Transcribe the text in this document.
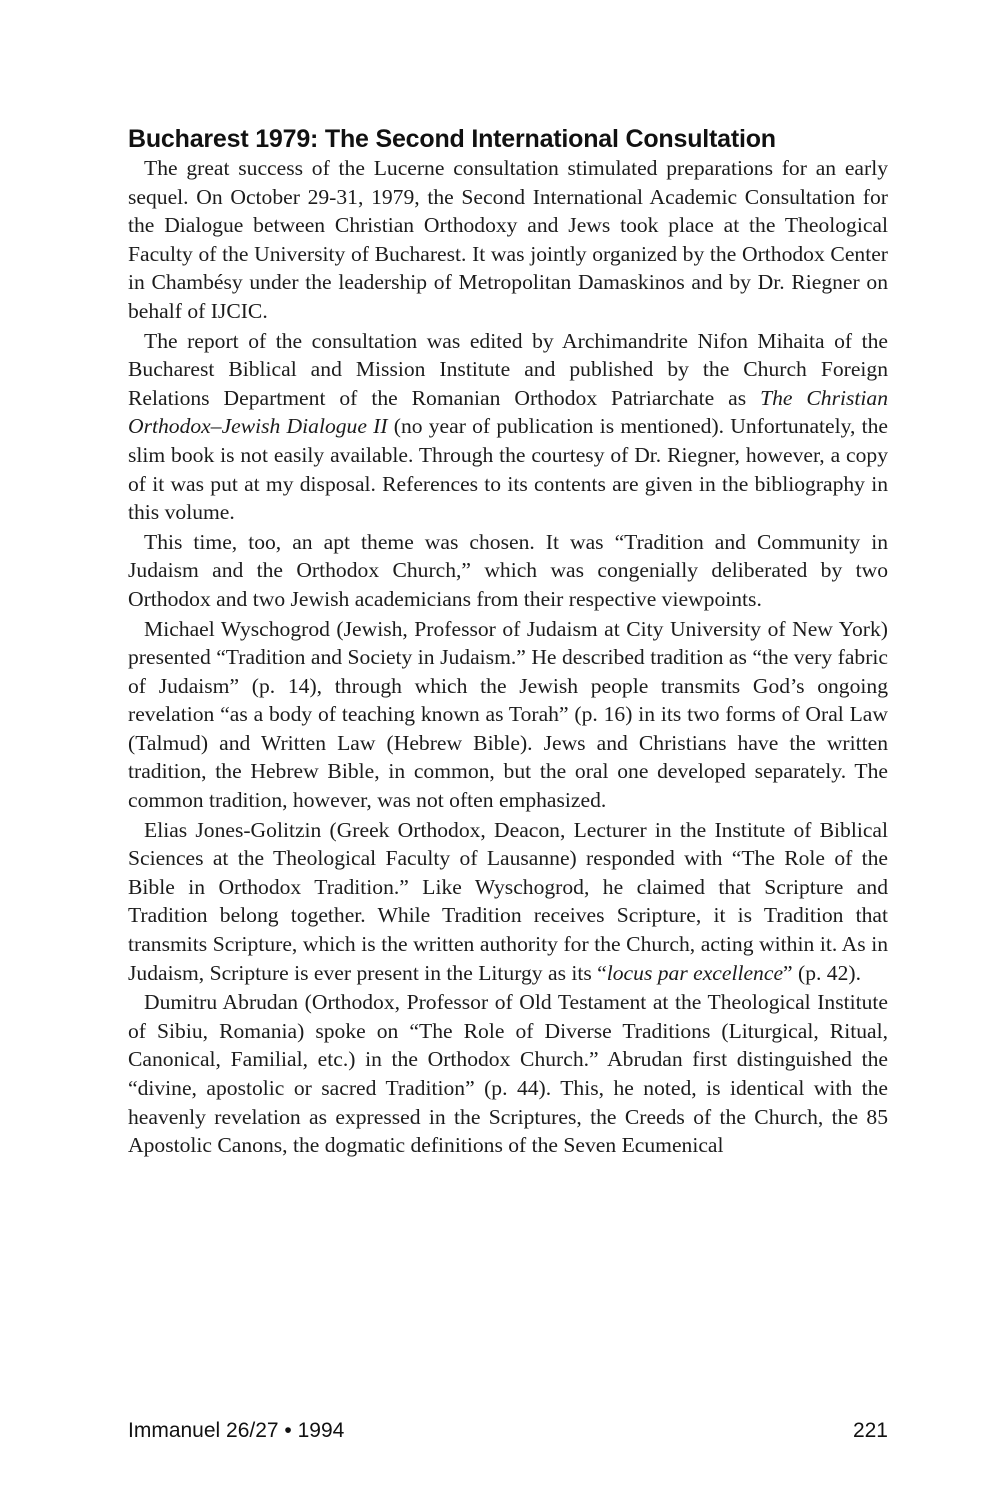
Bucharest 1979: The Second International Consultation

The great success of the Lucerne consultation stimulated preparations for an early sequel. On October 29-31, 1979, the Second International Academic Consultation for the Dialogue between Christian Orthodoxy and Jews took place at the Theological Faculty of the University of Bucharest. It was jointly organized by the Orthodox Center in Chambésy under the leadership of Metropolitan Damaskinos and by Dr. Riegner on behalf of IJCIC.

The report of the consultation was edited by Archimandrite Nifon Mihaita of the Bucharest Biblical and Mission Institute and published by the Church Foreign Relations Department of the Romanian Orthodox Patriarchate as The Christian Orthodox–Jewish Dialogue II (no year of publication is mentioned). Unfortunately, the slim book is not easily available. Through the courtesy of Dr. Riegner, however, a copy of it was put at my disposal. References to its contents are given in the bibliography in this volume.

This time, too, an apt theme was chosen. It was “Tradition and Community in Judaism and the Orthodox Church,” which was congenially deliberated by two Orthodox and two Jewish academicians from their respective viewpoints.

Michael Wyschogrod (Jewish, Professor of Judaism at City University of New York) presented “Tradition and Society in Judaism.” He described tradition as “the very fabric of Judaism” (p. 14), through which the Jewish people transmits God’s ongoing revelation “as a body of teaching known as Torah” (p. 16) in its two forms of Oral Law (Talmud) and Written Law (Hebrew Bible). Jews and Christians have the written tradition, the Hebrew Bible, in common, but the oral one developed separately. The common tradition, however, was not often emphasized.

Elias Jones-Golitzin (Greek Orthodox, Deacon, Lecturer in the Institute of Biblical Sciences at the Theological Faculty of Lausanne) responded with “The Role of the Bible in Orthodox Tradition.” Like Wyschogrod, he claimed that Scripture and Tradition belong together. While Tradition receives Scripture, it is Tradition that transmits Scripture, which is the written authority for the Church, acting within it. As in Judaism, Scripture is ever present in the Liturgy as its “locus par excellence” (p. 42).

Dumitru Abrudan (Orthodox, Professor of Old Testament at the Theological Institute of Sibiu, Romania) spoke on “The Role of Diverse Traditions (Liturgical, Ritual, Canonical, Familial, etc.) in the Orthodox Church.” Abrudan first distinguished the “divine, apostolic or sacred Tradition” (p. 44). This, he noted, is identical with the heavenly revelation as expressed in the Scriptures, the Creeds of the Church, the 85 Apostolic Canons, the dogmatic definitions of the Seven Ecumenical

Immanuel 26/27 • 1994	221
